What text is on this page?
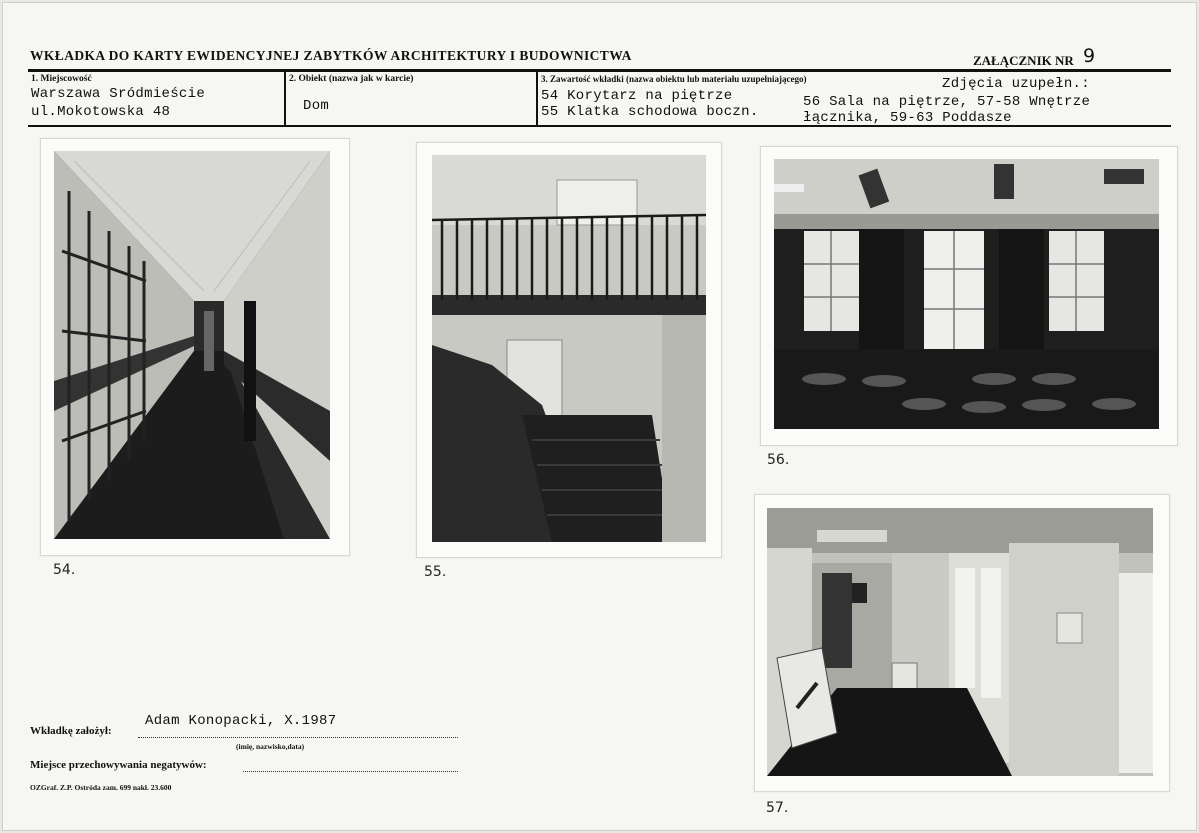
WKŁADKA DO KARTY EWIDENCYJNEJ ZABYTKÓW ARCHITEKTURY I BUDOWNICTWA	ZAŁĄCZNIK NR 9
1. Miejscowość
Warszawa Sródmieście
ul.Mokotowska 48
2. Obiekt (nazwa jak w karcie)
Dom
3. Zawartość wkładki (nazwa obiektu lub materiału uzupełniającego)	Zdjęcia uzupełn.:
54 Korytarz na piętrze
55 Klatka schodowa boczn.
56 Sala na piętrze, 57-58 Wnętrze
łącznika, 59-63 Poddasze
54.	55.
56.
57.
Wkładkę założył:
Adam Konopacki, X.1987
(imię, nazwisko,data)
Miejsce przechowywania negatywów:
OZGraf. Z.P. Ostróda zam. 699 nakł. 23.600
